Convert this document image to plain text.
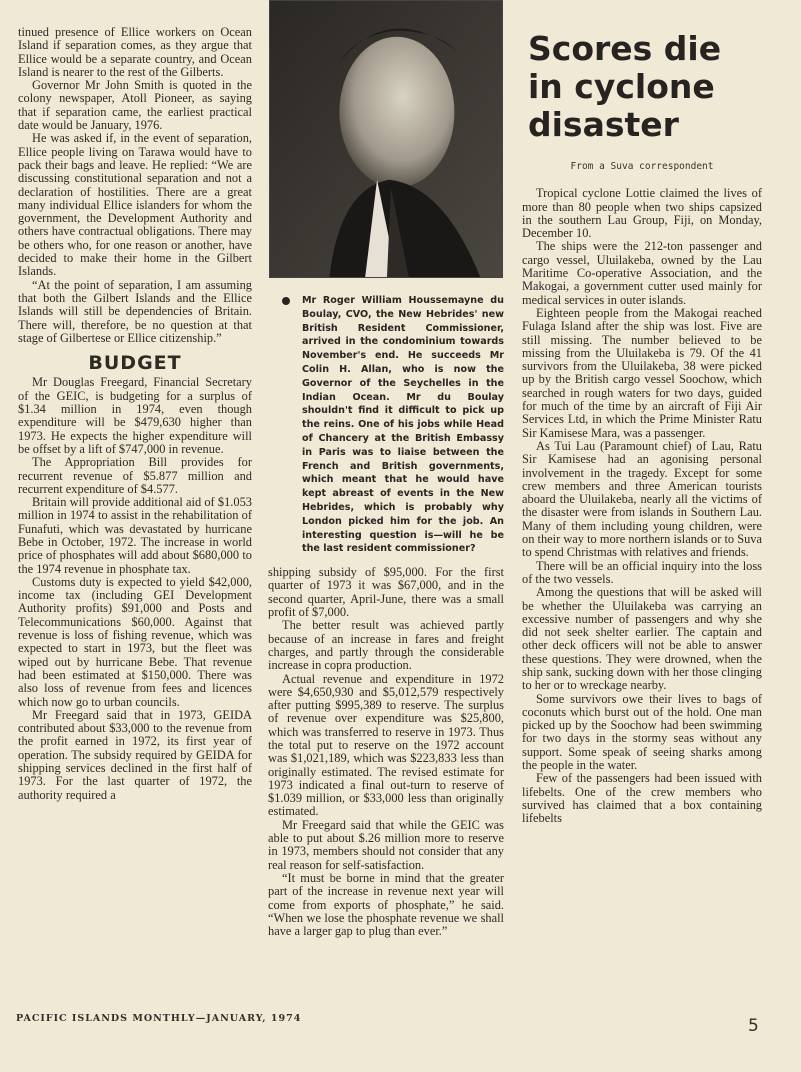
tinued presence of Ellice workers on Ocean Island if separation comes, as they argue that Ellice would be a separate country, and Ocean Island is nearer to the rest of the Gilberts.

Governor Mr John Smith is quoted in the colony newspaper, Atoll Pioneer, as saying that if separation came, the earliest practical date would be January, 1976.

He was asked if, in the event of separation, Ellice people living on Tarawa would have to pack their bags and leave. He replied: “We are discussing constitutional separation and not a declaration of hostilities. There are a great many individual Ellice islanders for whom the government, the Development Authority and others have contractual obligations. There may be others who, for one reason or another, have decided to make their home in the Gilbert Islands.

“At the point of separation, I am assuming that both the Gilbert Islands and the Ellice Islands will still be dependencies of Britain. There will, therefore, be no question at that stage of Gilbertese or Ellice citizenship.”

BUDGET

Mr Douglas Freegard, Financial Secretary of the GEIC, is budgeting for a surplus of $1.34 million in 1974, even though expenditure will be $479,630 higher than 1973. He expects the higher expenditure will be offset by a lift of $747,000 in revenue.

The Appropriation Bill provides for recurrent revenue of $5.877 million and recurrent expenditure of $4.577.

Britain will provide additional aid of $1.053 million in 1974 to assist in the rehabilitation of Funafuti, which was devastated by hurricane Bebe in October, 1972. The increase in world price of phosphates will add about $680,000 to the 1974 revenue in phosphate tax.

Customs duty is expected to yield $42,000, income tax (including GEI Development Authority profits) $91,000 and Posts and Telecommunications $60,000. Against that revenue is loss of fishing revenue, which was expected to start in 1973, but the fleet was wiped out by hurricane Bebe. That revenue had been estimated at $150,000. There was also loss of revenue from fees and licences which now go to urban councils.

Mr Freegard said that in 1973, GEIDA contributed about $33,000 to the revenue from the profit earned in 1972, its first year of operation. The subsidy required by GEIDA for shipping services declined in the first half of 1973. For the last quarter of 1972, the authority required a

Mr Roger William Houssemayne du Boulay, CVO, the New Hebrides' new British Resident Commissioner, arrived in the condominium towards November's end. He succeeds Mr Colin H. Allan, who is now the Governor of the Seychelles in the Indian Ocean. Mr du Boulay shouldn't find it difficult to pick up the reins. One of his jobs while Head of Chancery at the British Embassy in Paris was to liaise between the French and British governments, which meant that he would have kept abreast of events in the New Hebrides, which is probably why London picked him for the job. An interesting question is—will he be the last resident commissioner?

shipping subsidy of $95,000. For the first quarter of 1973 it was $67,000, and in the second quarter, April-June, there was a small profit of $7,000.

The better result was achieved partly because of an increase in fares and freight charges, and partly through the considerable increase in copra production.

Actual revenue and expenditure in 1972 were $4,650,930 and $5,012,579 respectively after putting $995,389 to reserve. The surplus of revenue over expenditure was $25,800, which was transferred to reserve in 1973. Thus the total put to reserve on the 1972 account was $1,021,189, which was $223,833 less than originally estimated. The revised estimate for 1973 indicated a final out-turn to reserve of $1.039 million, or $33,000 less than originally estimated.

Mr Freegard said that while the GEIC was able to put about $.26 million more to reserve in 1973, members should not consider that any real reason for self-satisfaction.

“It must be borne in mind that the greater part of the increase in revenue next year will come from exports of phosphate,” he said. “When we lose the phosphate revenue we shall have a larger gap to plug than ever.”

Scores die
in cyclone
disaster
From a Suva correspondent

Tropical cyclone Lottie claimed the lives of more than 80 people when two ships capsized in the southern Lau Group, Fiji, on Monday, December 10.

The ships were the 212-ton passenger and cargo vessel, Uluilakeba, owned by the Lau Maritime Co-operative Association, and the Makogai, a government cutter used mainly for medical services in outer islands.

Eighteen people from the Makogai reached Fulaga Island after the ship was lost. Five are still missing. The number believed to be missing from the Uluilakeba is 79. Of the 41 survivors from the Uluilakeba, 38 were picked up by the British cargo vessel Soochow, which searched in rough waters for two days, guided for much of the time by an aircraft of Fiji Air Services Ltd, in which the Prime Minister Ratu Sir Kamisese Mara, was a passenger.

As Tui Lau (Paramount chief) of Lau, Ratu Sir Kamisese had an agonising personal involvement in the tragedy. Except for some crew members and three American tourists aboard the Uluilakeba, nearly all the victims of the disaster were from islands in Southern Lau. Many of them including young children, were on their way to more northern islands or to Suva to spend Christmas with relatives and friends.

There will be an official inquiry into the loss of the two vessels.

Among the questions that will be asked will be whether the Uluilakeba was carrying an excessive number of passengers and why she did not seek shelter earlier. The captain and other deck officers will not be able to answer these questions. They were drowned, when the ship sank, sucking down with her those clinging to her or to wreckage nearby.

Some survivors owe their lives to bags of coconuts which burst out of the hold. One man picked up by the Soochow had been swimming for two days in the stormy seas without any support. Some speak of seeing sharks among the people in the water.

Few of the passengers had been issued with lifebelts. One of the crew members who survived has claimed that a box containing lifebelts

PACIFIC ISLANDS MONTHLY—JANUARY, 1974	5
